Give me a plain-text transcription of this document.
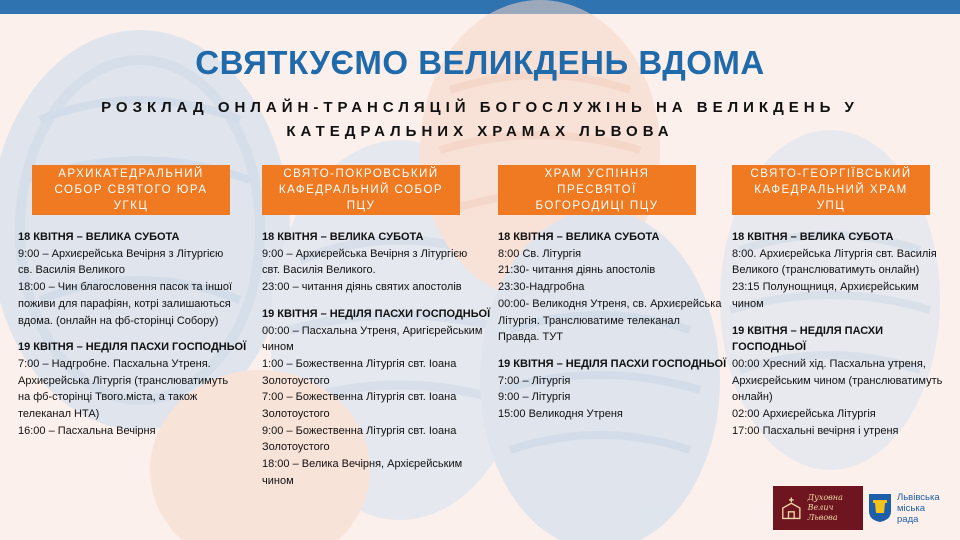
СВЯТКУЄМО ВЕЛИКДЕНЬ ВДОМА
РОЗКЛАД ОНЛАЙН-ТРАНСЛЯЦІЙ БОГОСЛУЖІНЬ НА ВЕЛИКДЕНЬ У
КАТЕДРАЛЬНИХ ХРАМАХ ЛЬВОВА
АРХИКАТЕДРАЛЬНИЙ
СОБОР СВЯТОГО ЮРА УГКЦ
СВЯТО-ПОКРОВСЬКИЙ
КАФЕДРАЛЬНИЙ СОБОР ПЦУ
ХРАМ УСПІННЯ ПРЕСВЯТОЇ
БОГОРОДИЦІ ПЦУ
СВЯТО-ГЕОРГІЇВСЬКИЙ
КАФЕДРАЛЬНИЙ ХРАМ УПЦ
18 КВІТНЯ – ВЕЛИКА СУБОТА
9:00 – Архиєрейська Вечірня з Літургією
св. Василія Великого
18:00 – Чин благословення пасок та іншої
поживи для парафіян, котрі залишаються
вдома. (онлайн на фб-сторінці Собору)
19 КВІТНЯ – НЕДІЛЯ ПАСХИ ГОСПОДНЬОЇ
7:00 – Надгробне. Пасхальна Утреня.
Архиєрейська Літургія (транслюватимуть
на фб-сторінці Твого.міста, а також
телеканал НТА)
16:00 – Пасхальна Вечірня
18 КВІТНЯ – ВЕЛИКА СУБОТА
9:00 – Архиєрейська Вечірня з Літургією
свт. Василія Великого.
23:00 – читання діянь святих апостолів
19 КВІТНЯ – НЕДІЛЯ ПАСХИ ГОСПОДНЬОЇ
00:00 – Пасхальна Утреня, Аригієрейським
чином
1:00 – Божественна Літургія свт. Іоана
Золотоустого
7:00 – Божественна Літургія свт. Іоана
Золотоустого
9:00 – Божественна Літургія свт. Іоана
Золотоустого
18:00 – Велика Вечірня, Архієрейським
чином
18 КВІТНЯ – ВЕЛИКА СУБОТА
8:00 Св. Літургія
21:30- читання діянь апостолів
23:30-Надгробна
00:00- Великодня Утреня, св. Архиєрейська
Літургія. Транслюватиме телеканал
Правда. ТУТ
19 КВІТНЯ – НЕДІЛЯ ПАСХИ ГОСПОДНЬОЇ
7:00 – Літургія
9:00 – Літургія
15:00 Великодня Утреня
18 КВІТНЯ – ВЕЛИКА СУБОТА
8:00. Архиєрейська Літургія свт. Василія
Великого (транслюватимуть онлайн)
23:15 Полунощниця, Архиєрейським
чином
19 КВІТНЯ – НЕДІЛЯ ПАСХИ ГОСПОДНЬОЇ
00:00 Хресний хід. Пасхальна утреня,
Архиєрейським чином (транслюватимуть
онлайн)
02:00 Архиєрейська Літургія
17:00 Пасхальні вечірня і утреня
Духовна
Велич Львова
Львівська
міська
рада
